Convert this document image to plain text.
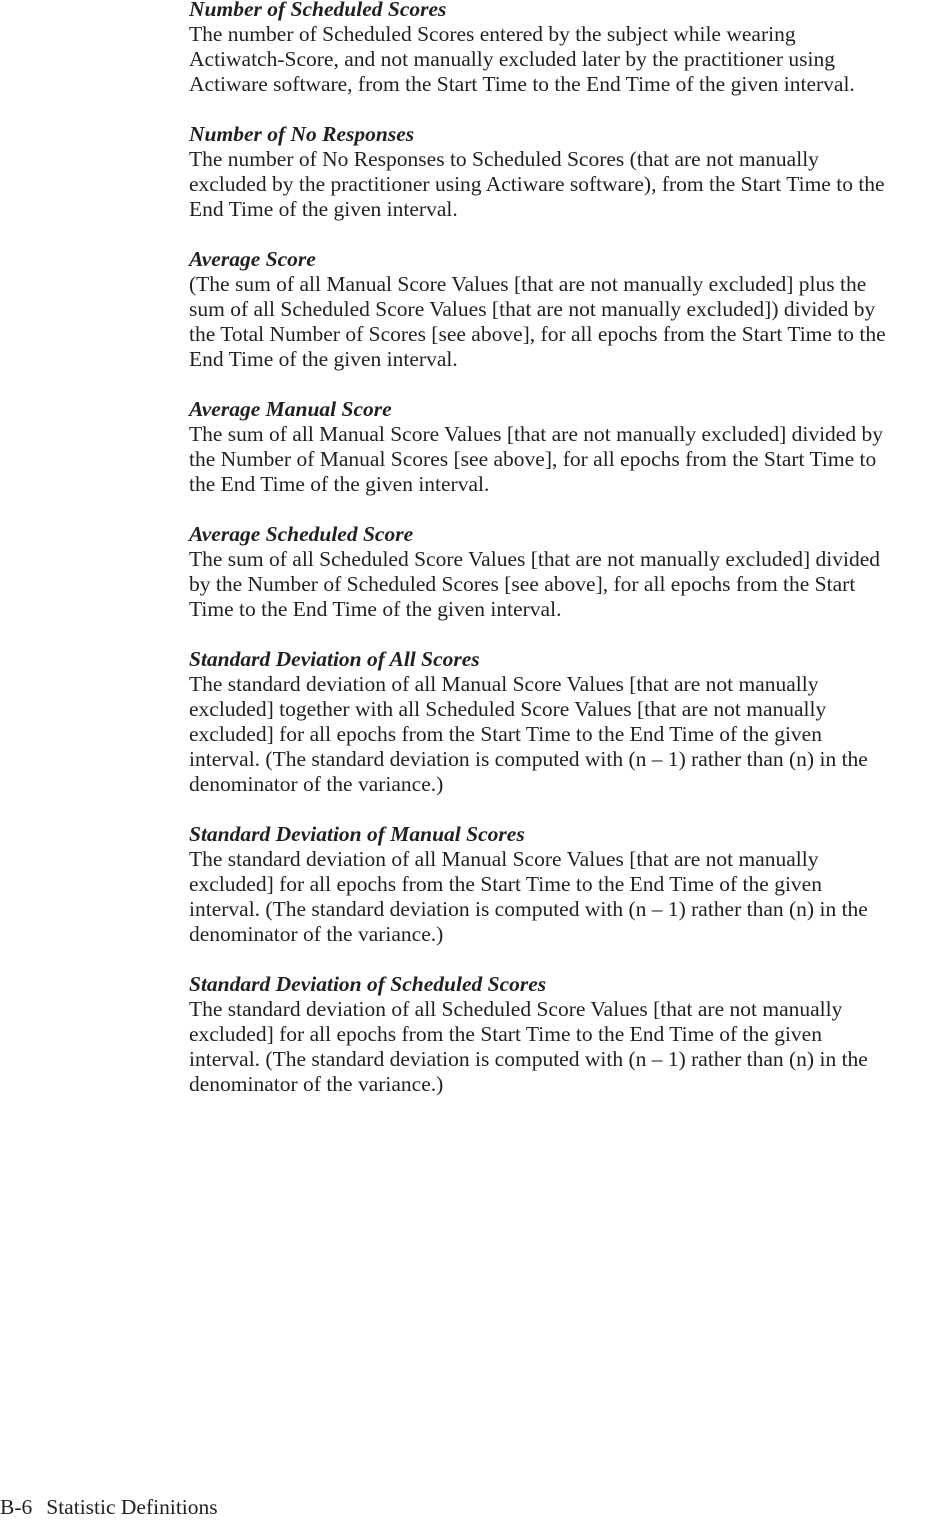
Number of Scheduled Scores
The number of Scheduled Scores entered by the subject while wearing
Actiwatch-Score, and not manually excluded later by the practitioner using
Actiware software, from the Start Time to the End Time of the given interval.
Number of No Responses
The number of No Responses to Scheduled Scores (that are not manually
excluded by the practitioner using Actiware software), from the Start Time to the
End Time of the given interval.
Average Score
(The sum of all Manual Score Values [that are not manually excluded] plus the
sum of all Scheduled Score Values [that are not manually excluded]) divided by
the Total Number of Scores [see above], for all epochs from the Start Time to the
End Time of the given interval.
Average Manual Score
The sum of all Manual Score Values [that are not manually excluded] divided by
the Number of Manual Scores [see above], for all epochs from the Start Time to
the End Time of the given interval.
Average Scheduled Score
The sum of all Scheduled Score Values [that are not manually excluded] divided
by the Number of Scheduled Scores [see above], for all epochs from the Start
Time to the End Time of the given interval.
Standard Deviation of All Scores
The standard deviation of all Manual Score Values [that are not manually
excluded] together with all Scheduled Score Values [that are not manually
excluded] for all epochs from the Start Time to the End Time of the given
interval. (The standard deviation is computed with (n – 1) rather than (n) in the
denominator of the variance.)
Standard Deviation of Manual Scores
The standard deviation of all Manual Score Values [that are not manually
excluded] for all epochs from the Start Time to the End Time of the given
interval. (The standard deviation is computed with (n – 1) rather than (n) in the
denominator of the variance.)
Standard Deviation of Scheduled Scores
The standard deviation of all Scheduled Score Values [that are not manually
excluded] for all epochs from the Start Time to the End Time of the given
interval. (The standard deviation is computed with (n – 1) rather than (n) in the
denominator of the variance.)
B-6 Statistic Definitions
